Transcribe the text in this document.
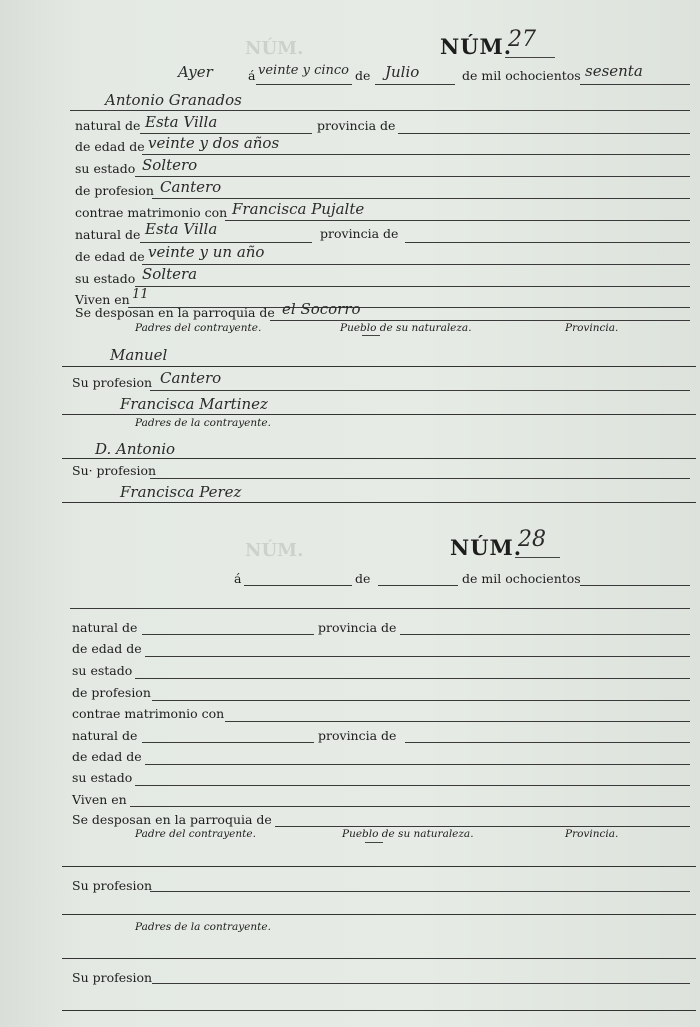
NÚM.
NÚM.
NÚM.
27
Ayer	á veinte y cinco de Julio	de mil ochocientos sesenta
Antonio Granados
natural de Esta Villa	provincia de
de edad de veinte y dos años
su estado Soltero
de profesion Cantero
contrae matrimonio con Francisca Pujalte
natural de Esta Villa	provincia de
de edad de veinte y un año
su estado Soltera
Viven en 11
Se desposan en la parroquia de el Socorro
Padres del contrayente.	Pueblo de su naturaleza.	Provincia.
Manuel
Su profesion Cantero
Francisca Martinez
Padres de la contrayente.
D. Antonio
Su· profesion
Francisca Perez
NÚM.
28
á	de	de mil ochocientos
natural de	provincia de
de edad de
su estado
de profesion
contrae matrimonio con
natural de	provincia de
de edad de
su estado
Viven en
Se desposan en la parroquia de
Padre del contrayente.	Pueblo de su naturaleza.	Provincia.
Su profesion
Padres de la contrayente.
Su profesion
